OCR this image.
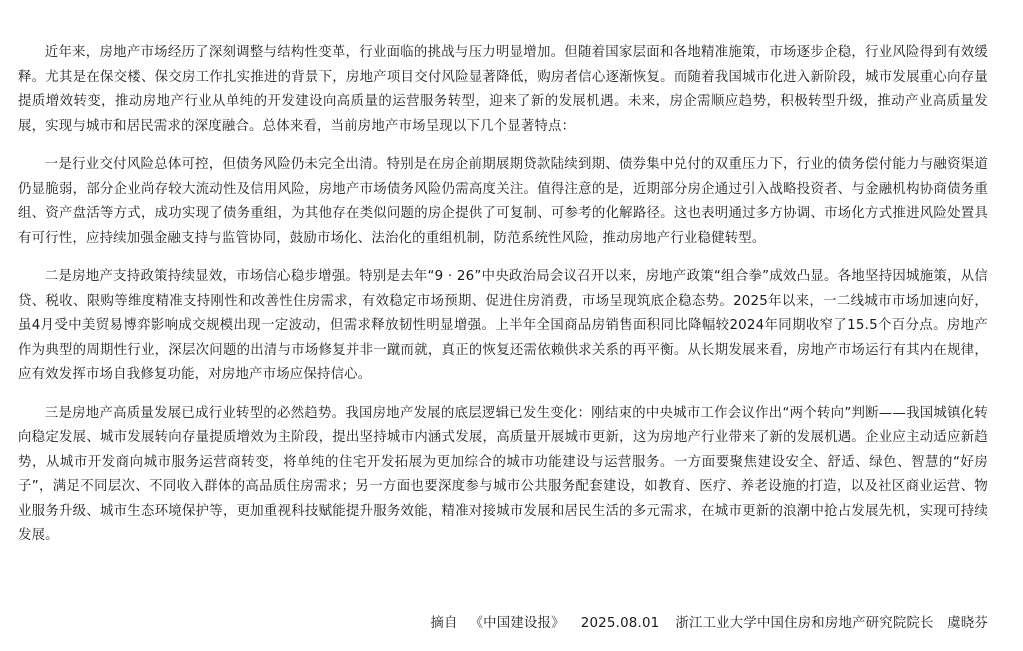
近年来，房地产市场经历了深刻调整与结构性变革，行业面临的挑战与压力明显增加。但随着国家层面和各地精准施策，市场逐步企稳，行业风险得到有效缓释。尤其是在保交楼、保交房工作扎实推进的背景下，房地产项目交付风险显著降低，购房者信心逐渐恢复。而随着我国城市化进入新阶段，城市发展重心向存量提质增效转变，推动房地产行业从单纯的开发建设向高质量的运营服务转型，迎来了新的发展机遇。未来，房企需顺应趋势，积极转型升级，推动产业高质量发展，实现与城市和居民需求的深度融合。总体来看，当前房地产市场呈现以下几个显著特点：

一是行业交付风险总体可控，但债务风险仍未完全出清。特别是在房企前期展期贷款陆续到期、债券集中兑付的双重压力下，行业的债务偿付能力与融资渠道仍显脆弱，部分企业尚存较大流动性及信用风险，房地产市场债务风险仍需高度关注。值得注意的是，近期部分房企通过引入战略投资者、与金融机构协商债务重组、资产盘活等方式，成功实现了债务重组，为其他存在类似问题的房企提供了可复制、可参考的化解路径。这也表明通过多方协调、市场化方式推进风险处置具有可行性，应持续加强金融支持与监管协同，鼓励市场化、法治化的重组机制，防范系统性风险，推动房地产行业稳健转型。

二是房地产支持政策持续显效，市场信心稳步增强。特别是去年“9 · 26”中央政治局会议召开以来，房地产政策“组合拳”成效凸显。各地坚持因城施策，从信贷、税收、限购等维度精准支持刚性和改善性住房需求，有效稳定市场预期、促进住房消费，市场呈现筑底企稳态势。2025年以来，一二线城市市场加速向好，虽4月受中美贸易博弈影响成交规模出现一定波动，但需求释放韧性明显增强。上半年全国商品房销售面积同比降幅较2024年同期收窄了15.5个百分点。房地产作为典型的周期性行业，深层次问题的出清与市场修复并非一蹴而就，真正的恢复还需依赖供求关系的再平衡。从长期发展来看，房地产市场运行有其内在规律，应有效发挥市场自我修复功能，对房地产市场应保持信心。

三是房地产高质量发展已成行业转型的必然趋势。我国房地产发展的底层逻辑已发生变化：刚结束的中央城市工作会议作出“两个转向”判断——我国城镇化转向稳定发展、城市发展转向存量提质增效为主阶段，提出坚持城市内涵式发展，高质量开展城市更新，这为房地产行业带来了新的发展机遇。企业应主动适应新趋势，从城市开发商向城市服务运营商转变，将单纯的住宅开发拓展为更加综合的城市功能建设与运营服务。一方面要聚焦建设安全、舒适、绿色、智慧的“好房子”，满足不同层次、不同收入群体的高品质住房需求；另一方面也要深度参与城市公共服务配套建设，如教育、医疗、养老设施的打造，以及社区商业运营、物业服务升级、城市生态环境保护等，更加重视科技赋能提升服务效能，精准对接城市发展和居民生活的多元需求，在城市更新的浪潮中抢占发展先机，实现可持续发展。

摘自 《中国建设报》 2025.08.01 浙江工业大学中国住房和房地产研究院院长　虞晓芬
